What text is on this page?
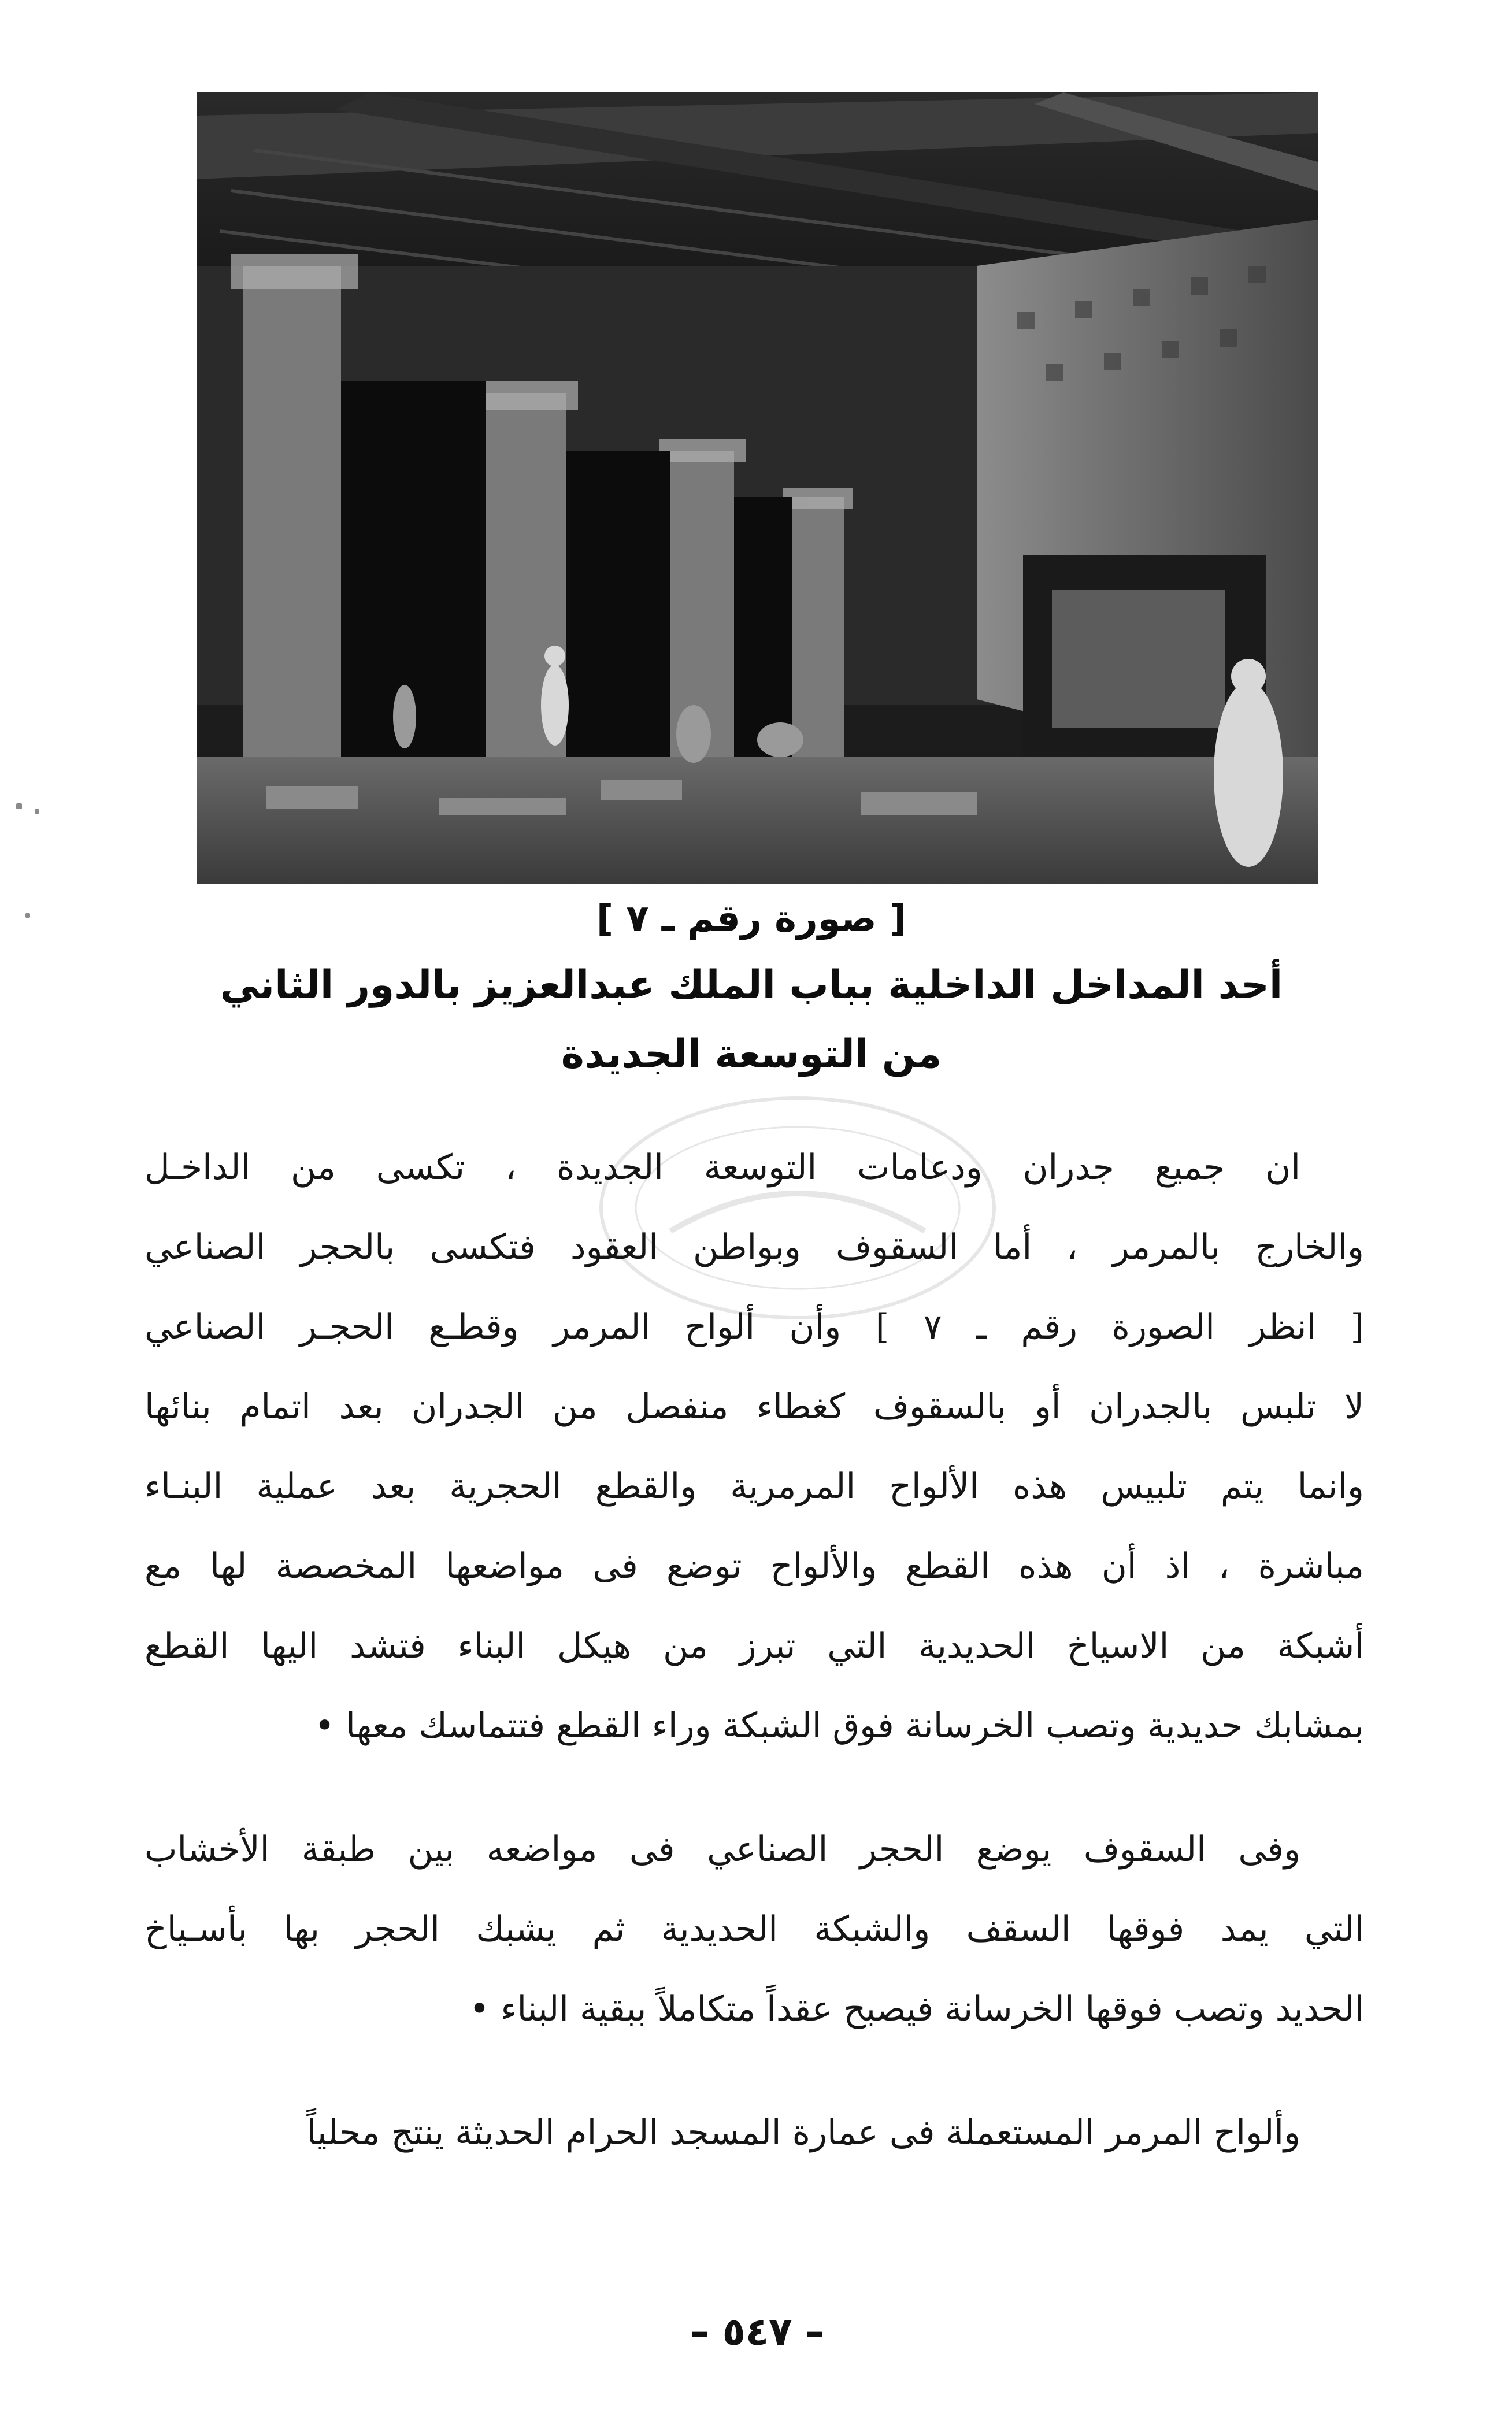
[ صورة رقم ـ ٧ ]
أحد المداخل الداخلية بباب الملك عبدالعزيز بالدور الثاني
من التوسعة الجديدة
ان جميع جدران ودعامات التوسعة الجديدة ، تكسى من الداخـل
والخارج بالمرمر ، أما السقوف وبواطن العقود فتكسى بالحجر الصناعي
[ انظر الصورة رقم ـ ٧ ] وأن ألواح المرمر وقطـع الحجـر الصناعي
لا تلبس بالجدران أو بالسقوف كغطاء منفصل من الجدران بعد اتمام بنائها
وانما يتم تلبيس هذه الألواح المرمرية والقطع الحجرية بعد عملية البنـاء
مباشرة ، اذ أن هذه القطع والألواح توضع فى مواضعها المخصصة لها مع
أشبكة من الاسياخ الحديدية التي تبرز من هيكل البناء فتشد اليها القطع
بمشابك حديدية وتصب الخرسانة فوق الشبكة وراء القطع فتتماسك معها •
وفى السقوف يوضع الحجر الصناعي فى مواضعه بين طبقة الأخشاب
التي يمد فوقها السقف والشبكة الحديدية ثم يشبك الحجر بها بأسـياخ
الحديد وتصب فوقها الخرسانة فيصبح عقداً متكاملاً ببقية البناء •
وألواح المرمر المستعملة فى عمارة المسجد الحرام الحديثة ينتج محلياً
– ٥٤٧ –
